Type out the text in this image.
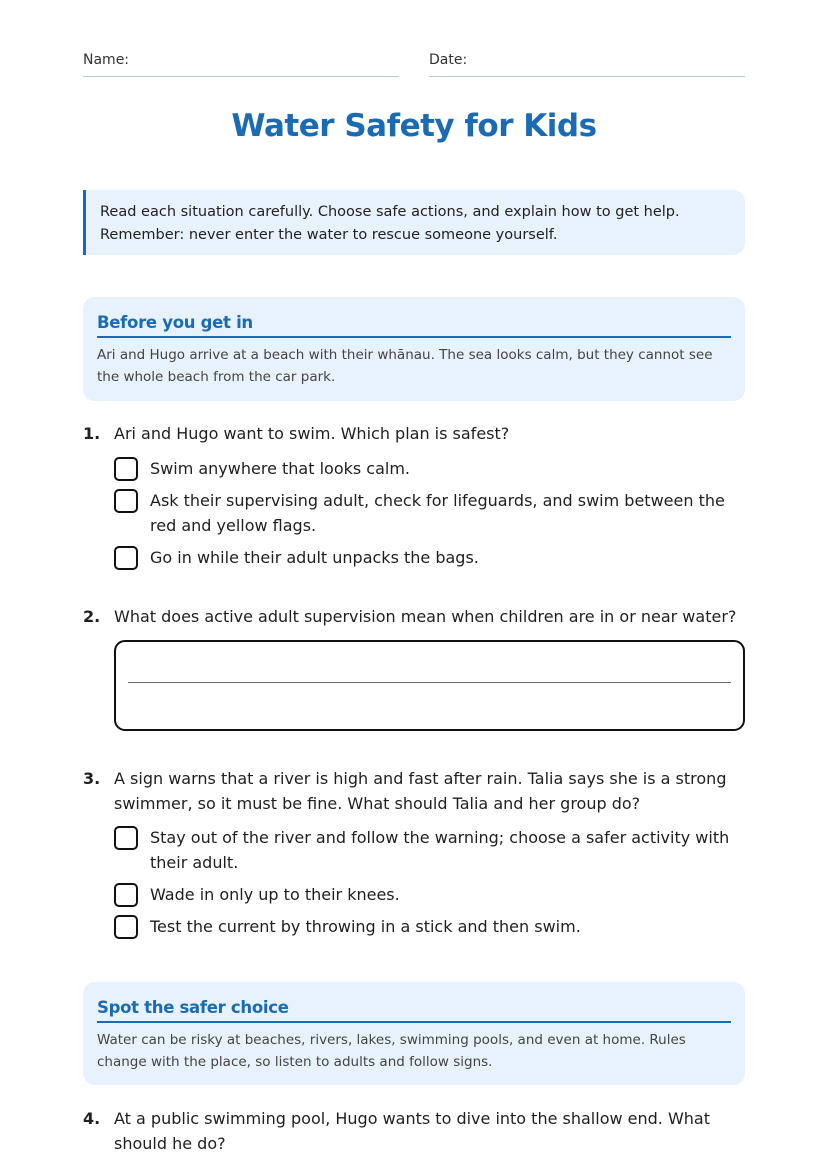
Name:	Date:
Water Safety for Kids
Read each situation carefully. Choose safe actions, and explain how to get help.
Remember: never enter the water to rescue someone yourself.
Before you get in

Ari and Hugo arrive at a beach with their whānau. The sea looks calm, but they cannot see the whole beach from the car park.

1. Ari and Hugo want to swim. Which plan is safest?
Swim anywhere that looks calm.
Ask their supervising adult, check for lifeguards, and swim between the red and yellow flags.
Go in while their adult unpacks the bags.
2. What does active adult supervision mean when children are in or near water?
3. A sign warns that a river is high and fast after rain. Talia says she is a strong swimmer, so it must be fine. What should Talia and her group do?
Stay out of the river and follow the warning; choose a safer activity with their adult.
Wade in only up to their knees.
Test the current by throwing in a stick and then swim.
Spot the safer choice

Water can be risky at beaches, rivers, lakes, swimming pools, and even at home. Rules change with the place, so listen to adults and follow signs.

4. At a public swimming pool, Hugo wants to dive into the shallow end. What should he do?
